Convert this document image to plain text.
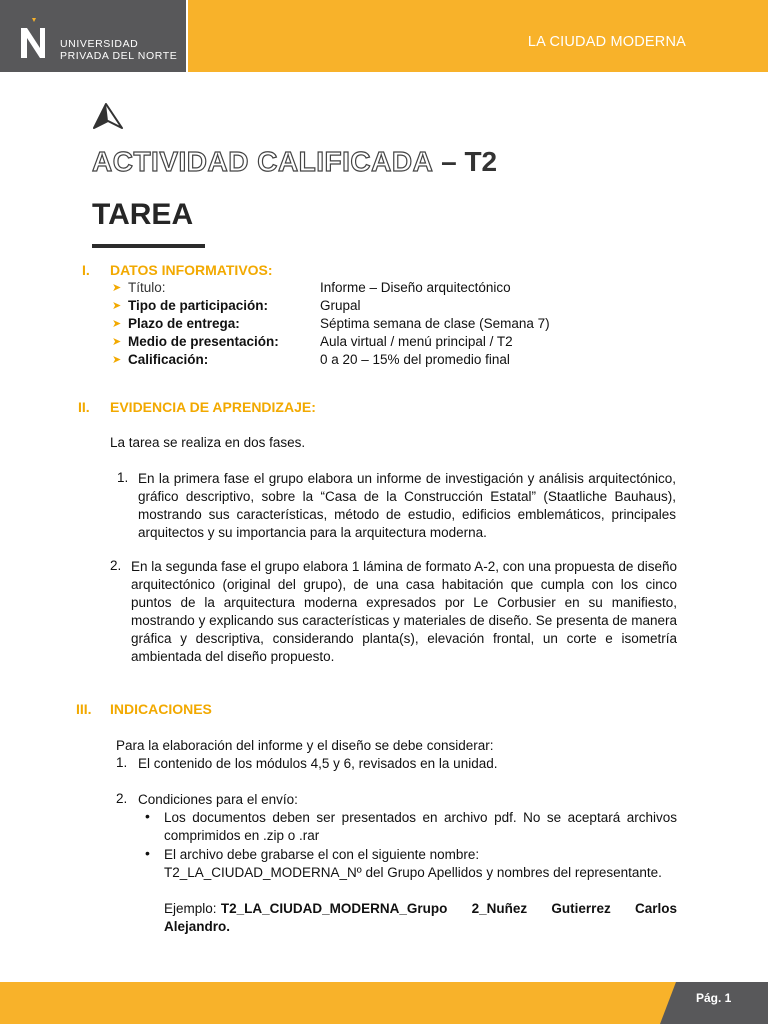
UNIVERSIDAD
PRIVADA DEL NORTE
LA CIUDAD MODERNA
ACTIVIDAD CALIFICADA – T2
TAREA
I. DATOS INFORMATIVOS:
➤ Título:	Informe – Diseño arquitectónico
➤ Tipo de participación:	Grupal
➤ Plazo de entrega:	Séptima semana de clase (Semana 7)
➤ Medio de presentación:	Aula virtual / menú principal / T2
➤ Calificación:	0 a 20 – 15% del promedio final
II. EVIDENCIA DE APRENDIZAJE:
La tarea se realiza en dos fases.
1. En la primera fase el grupo elabora un informe de investigación y análisis arquitectónico, gráfico descriptivo, sobre la “Casa de la Construcción Estatal” (Staatliche Bauhaus), mostrando sus características, método de estudio, edificios emblemáticos, principales arquitectos y su importancia para la arquitectura moderna.
2. En la segunda fase el grupo elabora 1 lámina de formato A-2, con una propuesta de diseño arquitectónico (original del grupo), de una casa habitación que cumpla con los cinco puntos de la arquitectura moderna expresados por Le Corbusier en su manifiesto, mostrando y explicando sus características y materiales de diseño. Se presenta de manera gráfica y descriptiva, considerando planta(s), elevación frontal, un corte e isometría ambientada del diseño propuesto.
III. INDICACIONES
Para la elaboración del informe y el diseño se debe considerar:
1. El contenido de los módulos 4,5 y 6, revisados en la unidad.
2. Condiciones para el envío:
• Los documentos deben ser presentados en archivo pdf. No se aceptará archivos comprimidos en .zip o .rar
• El archivo debe grabarse el con el siguiente nombre:
T2_LA_CIUDAD_MODERNA_Nº del Grupo Apellidos y nombres del representante.
Ejemplo: T2_LA_CIUDAD_MODERNA_Grupo 2_Nuñez Gutierrez Carlos Alejandro.
Pág. 1
